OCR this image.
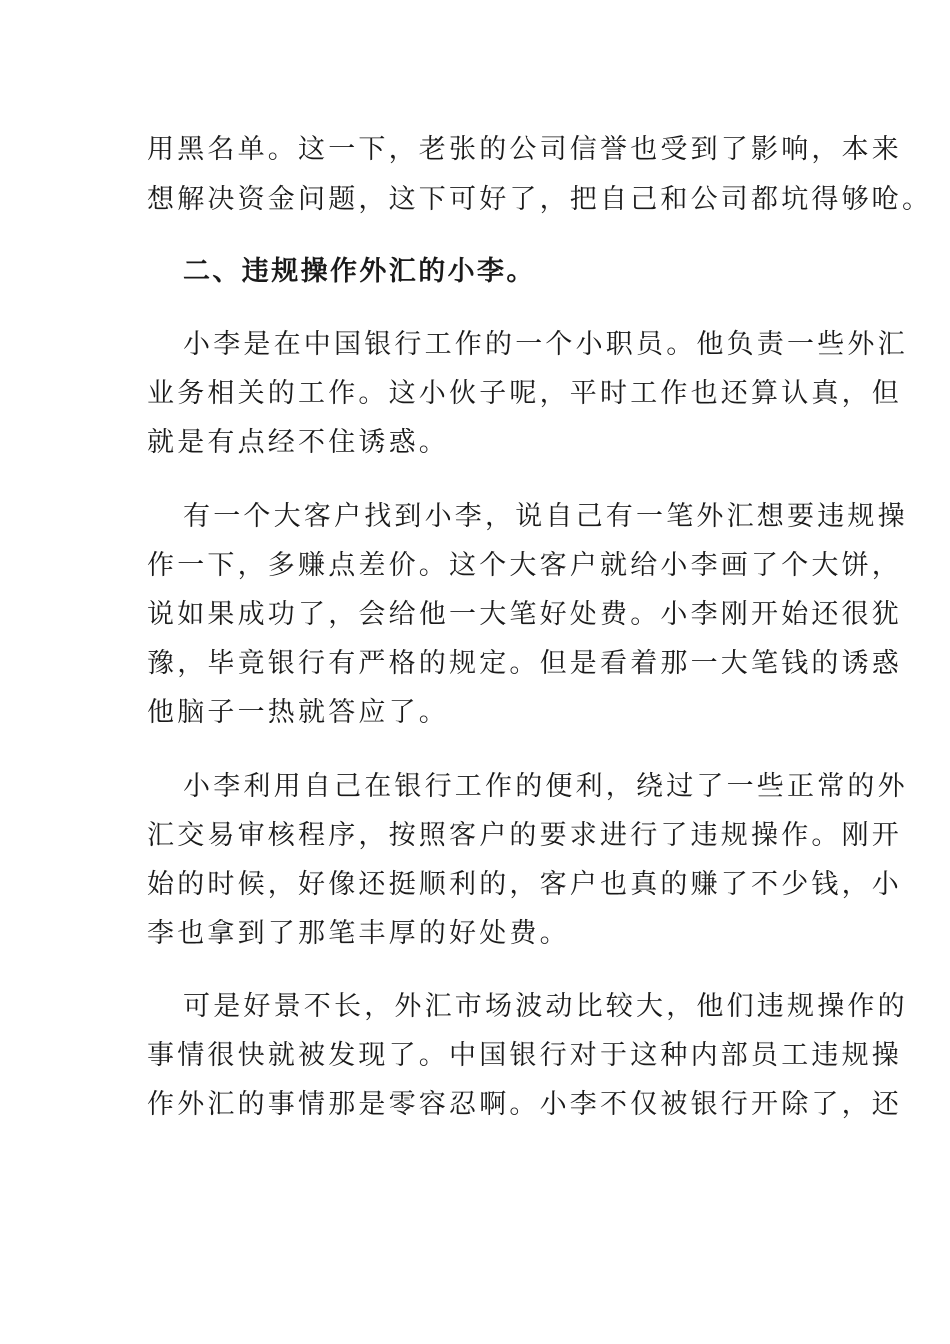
用黑名单。这一下，老张的公司信誉也受到了影响，本来
想解决资金问题，这下可好了，把自己和公司都坑得够呛。
二、违规操作外汇的小李。
小李是在中国银行工作的一个小职员。他负责一些外汇
业务相关的工作。这小伙子呢，平时工作也还算认真，但
就是有点经不住诱惑。
有一个大客户找到小李，说自己有一笔外汇想要违规操
作一下，多赚点差价。这个大客户就给小李画了个大饼，
说如果成功了，会给他一大笔好处费。小李刚开始还很犹
豫，毕竟银行有严格的规定。但是看着那一大笔钱的诱惑
他脑子一热就答应了。
小李利用自己在银行工作的便利，绕过了一些正常的外
汇交易审核程序，按照客户的要求进行了违规操作。刚开
始的时候，好像还挺顺利的，客户也真的赚了不少钱，小
李也拿到了那笔丰厚的好处费。
可是好景不长，外汇市场波动比较大，他们违规操作的
事情很快就被发现了。中国银行对于这种内部员工违规操
作外汇的事情那是零容忍啊。小李不仅被银行开除了，还
